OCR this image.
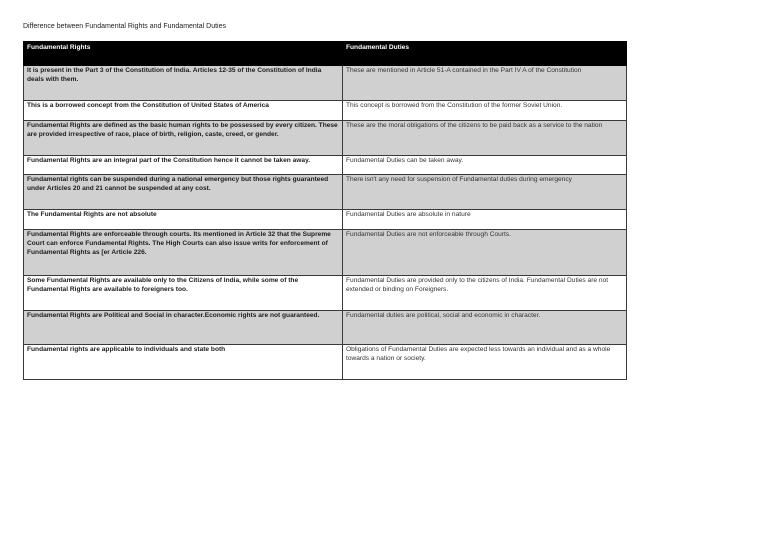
Difference between Fundamental Rights and Fundamental Duties
Fundamental Rights	Fundamental Duties
It is present in the Part 3 of the Constitution of India. Articles 12-35 of the Constitution of India deals with them.	These are mentioned in Article 51-A contained in the Part IV A of the Constitution
This is a borrowed concept from the Constitution of United States of America	This concept is borrowed from the Constitution of the former Soviet Union.
Fundamental Rights are defined as the basic human rights to be possessed by every citizen. These are provided irrespective of race, place of birth, religion, caste, creed, or gender.	These are the moral obligations of the citizens to be paid back as a service to the nation
Fundamental Rights are an integral part of the Constitution hence it cannot be taken away.	Fundamental Duties can be taken away.
Fundamental rights can be suspended during a national emergency but those rights guaranteed under Articles 20 and 21 cannot be suspended at any cost.	There isn't any need for suspension of Fundamental duties during emergency
The Fundamental Rights are not absolute	Fundamental Duties are absolute in nature
Fundamental Rights are enforceable through courts. Its mentioned in Article 32 that the Supreme Court can enforce Fundamental Rights. The High Courts can also issue writs for enforcement of Fundamental Rights as [er Article 226.	Fundamental Duties are not enforceable through Courts.
Some Fundamental Rights are available only to the Citizens of India, while some of the Fundamental Rights are available to foreigners too.	Fundamental Duties are provided only to the citizens of India. Fundamental Duties are not extended or binding on Foreigners.
Fundamental Rights are Political and Social in character.Economic rights are not guaranteed.	Fundamental duties are political, social and economic in character.
Fundamental rights are applicable to individuals and state both	Obligations of Fundamental Duties are expected less towards an individual and as a whole towards a nation or society.
